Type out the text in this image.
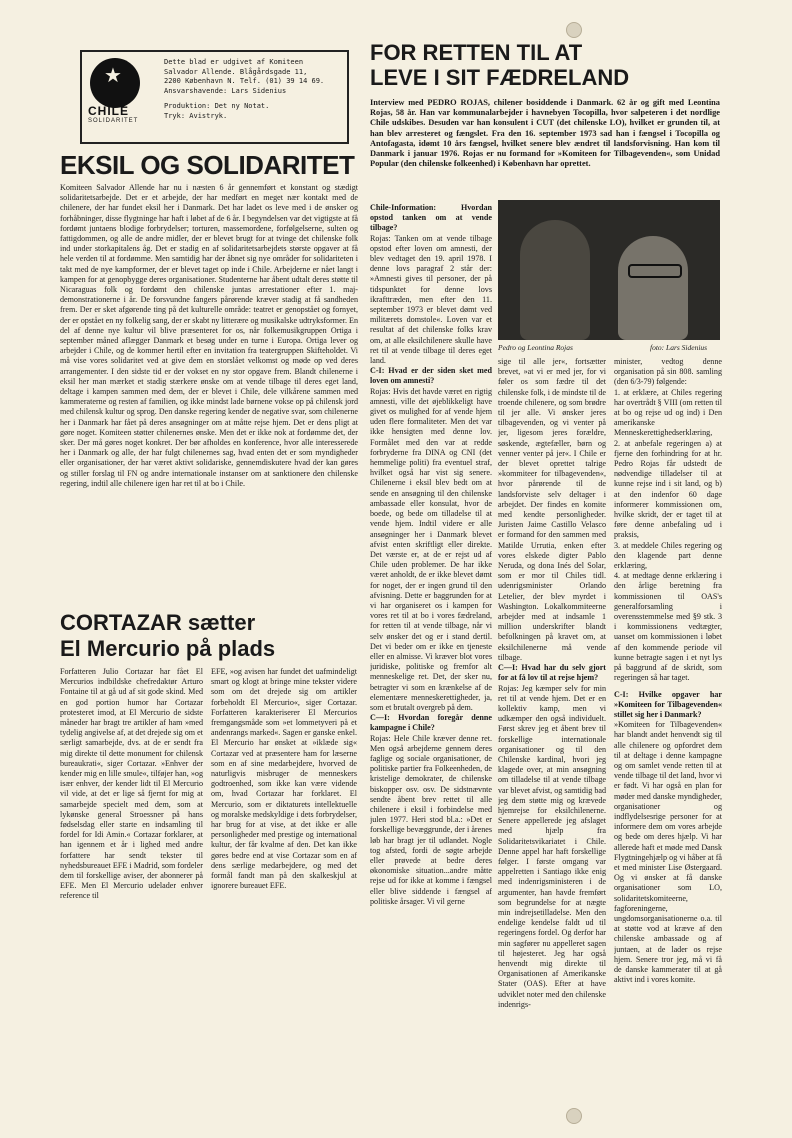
★
CHILE
SOLIDARITET
Dette blad er udgivet af Komiteen
Salvador Allende. Blågårdsgade 11,
2200 København N. Telf. (01) 39 14 69.
Ansvarshavende: Lars Sidenius
Produktion: Det ny Notat.
Tryk: Avistryk.
EKSIL OG SOLIDARITET
Komiteen Salvador Allende har nu i næsten 6 år gennemført et konstant og stædigt solidaritetsarbejde. Det er et arbejde, der har medført en meget nær kontakt med de chilenere, der har fundet eksil her i Danmark. Det har ladet os leve med i de ønsker og forhåbninger, disse flygtninge har haft i løbet af de 6 år. I begyndelsen var det vigtigste at få fordømt juntaens blodige forbrydelser; torturen, massemordene, forfølgelserne, sulten og fattigdommen, og alle de andre midler, der er blevet brugt for at tvinge det chilenske folk ind under storkapitalens åg. Det er stadig en af solidaritetsarbejdets største opgaver at få hele verden til at fordømme. Men samtidig har der åbnet sig nye områder for solidariteten i takt med de nye kampformer, der er blevet taget op inde i Chile. Arbejderne er nået langt i kampen for at genopbygge deres organisationer. Studenterne har åbent udtalt deres støtte til Nicaraguas folk og fordømt den chilenske juntas arrestationer efter 1. maj-demonstrationerne i år. De forsvundne fangers pårørende kræver stadig at få sandheden frem. Der er sket afgørende ting på det kulturelle område: teatret er genopstået og fornyet, der er opstået en ny folkelig sang, der er skabt ny litterære og musikalske udtryksformer. En del af denne nye kultur vil blive præsenteret for os, når folkemusikgruppen Ortiga i september måned aflægger Danmark et besøg under en turne i Europa. Ortiga lever og arbejder i Chile, og de kommer hertil efter en invitation fra teatergruppen Skifteholdet. Vi må vise vores solidaritet ved at give dem en storslået velkomst og møde op ved deres arrangementer. I den sidste tid er der vokset en ny stor opgave frem. Blandt chilenerne i eksil her man mærket et stadig stærkere ønske om at vende tilbage til deres eget land, deltage i kampen sammen med dem, der er blevet i Chile, dele vilkårene sammen med kammeraterne og resten af familien, og ikke mindst lade børnene vokse op på chilensk jord med chilensk kultur og sprog. Den danske regering kender de negative svar, som chilenerne her i Danmark har fået på deres ansøgninger om at måtte rejse hjem. Det er dens pligt at gøre noget. Komiteen støtter chilenernes ønske. Men det er ikke nok at fordømme det, der sker. Der må gøres noget konkret. Der bør afholdes en konference, hvor alle interesserede her i Danmark og alle, der har fulgt chilenernes sag, hvad enten det er som myndigheder eller organisationer, der har været aktivt solidariske, gennemdiskutere hvad der kan gøres og stiller forslag til FN og andre internationale instanser om at sanktionere den chilenske regering, indtil alle chilenere igen har ret til at bo i Chile.
CORTAZAR sætter
El Mercurio på plads
Forfatteren Julio Cortazar har fået El Mercurios indbildske chefredaktør Arturo Fontaine til at gå ud af sit gode skind. Med en god portion humor har Cortazar protesteret imod, at El Mercurio de sidste måneder har bragt tre artikler af ham »med tydelig angivelse af, at det drejede sig om et særligt samarbejde, dvs. at de er sendt fra mig direkte til dette monument for chilensk bureaukrati«, siger Cortazar. »Enhver der kender mig en lille smule«, tilføjer han, »og især enhver, der kender lidt til El Mercurio vil vide, at det er lige så fjernt for mig at samarbejde specielt med dem, som at lykønske general Stroessner på hans fødselsdag eller starte en indsamling til fordel for Idi Amin.« Cortazar forklarer, at han igennem et år i lighed med andre forfattere har sendt tekster til nyhedsbureauet EFE i Madrid, som fordeler dem til forskellige aviser, der abonnerer på EFE. Men El Mercurio udelader enhver reference til
EFE, »og avisen har fundet det uafmindeligt smart og klogt at bringe mine tekster videre som om det drejede sig om artikler forbeholdt El Mercurio«, siger Cortazar. Forfatteren karakteriserer El Mercurios fremgangsmåde som »et lommetyveri på et andenrangs marked«. Sagen er ganske enkel. El Mercurio har ønsket at »iklæde sig« Cortazar ved at præsentere ham for læserne som en af sine medarbejdere, hvorved de naturligvis misbruger de menneskers godtroenhed, som ikke kan være vidende om, hvad Cortazar har forklaret. El Mercurio, som er diktaturets intellektuelle og moralske medskyldige i dets forbrydelser, har brug for at vise, at det ikke er alle personligheder med prestige og international kultur, der får kvalme af den. Det kan ikke gøres bedre end at vise Cortazar som en af dens særlige medarbejdere, og med det formål fandt man på den skalkeskjul at ignorere bureauet EFE.
FOR RETTEN TIL AT
LEVE I SIT FÆDRELAND
Interview med PEDRO ROJAS, chilener bosiddende i Danmark. 62 år og gift med Leontina Rojas, 58 år. Han var kommunalarbejder i havnebyen Tocopilla, hvor salpeteren i det nordlige Chile udskibes. Desuden var han konsulent i CUT (det chilenske LO), hvilket er grunden til, at han blev arresteret og fængslet. Fra den 16. september 1973 sad han i fængsel i Tocopilla og Antofagasta, idømt 10 års fængsel, hvilket senere blev ændret til landsforvisning. Han kom til Danmark i januar 1976. Rojas er nu formand for »Komiteen for Tilbagevenden«, som Unidad Popular (den chilenske folkeenhed) i København har oprettet.
Chile-Information: Hvordan opstod tanken om at vende tilbage?
Rojas: Tanken om at vende tilbage opstod efter loven om amnesti, der blev vedtaget den 19. april 1978. I denne lovs paragraf 2 står der: »Amnesti gives til personer, der på tidspunktet for denne lovs ikrafttræden, men efter den 11. september 1973 er blevet dømt ved militærets domstole«. Loven var et resultat af det chilenske folks krav om, at alle eksilchilenere skulle have ret til at vende tilbage til deres eget land.
C-I: Hvad er der siden sket med loven om amnesti?
Rojas: Hvis det havde været en rigtig amnesti, ville det øjeblikkeligt have givet os mulighed for af vende hjem uden flere formaliteter. Men det var ikke hensigten med denne lov. Formålet med den var at redde forbryderne fra DINA og CNI (det hemmelige politi) fra eventuel straf, hvilket også har vist sig senere. Chilenerne i eksil blev bedt om at sende en ansøgning til den chilenske ambassade eller konsulat, hvor de boede, og bede om tilladelse til at vende hjem. Indtil videre er alle ansøgninger her i Danmark blevet afvist enten skriftligt eller direkte. Det værste er, at de er rejst ud af Chile uden problemer. De har ikke været anholdt, de er ikke blevet dømt for noget, der er ingen grund til den afvisning. Dette er baggrunden for at vi har organiseret os i kampen for vores ret til at bo i vores fædreland, for retten til at vende tilbage, når vi selv ønsker det og er i stand dertil. Det vi beder om er ikke en tjeneste eller en almisse. Vi kræver blot vores juridiske, politiske og fremfor alt menneskelige ret. Det, der sker nu, betragter vi som en krænkelse af de elementære menneskerettigheder, ja, som et brutalt overgreb på dem.
C—I: Hvordan foregår denne kampagne i Chile?
Rojas: Hele Chile kræver denne ret. Men også arbejderne gennem deres faglige og sociale organisationer, de politiske partier fra Folkeenheden, de kristelige demokrater, de chilenske biskopper osv. osv. De sidstnævnte sendte åbent brev rettet til alle chilenere i eksil i forbindelse med julen 1977. Heri stod bl.a.: »Det er forskellige bevæggrunde, der i årenes løb har bragt jer til udlandet. Nogle tog afsted, fordi de søgte arbejde eller prøvede at bedre deres økonomiske situation...andre måtte rejse ud for ikke at komme i fængsel eller blive siddende i fængsel af politiske årsager. Vi vil gerne
Pedro og Leontina Rojas	foto: Lars Sidenius
sige til alle jer«, fortsætter brevet, »at vi er med jer, for vi føler os som fædre til det chilenske folk, i de mindste til de troende chilenere, og som brødre til jer alle. Vi ønsker jeres tilbagevenden, og vi venter på jer, ligesom jeres forældre, søskende, ægtefæller, børn og venner venter på jer«. I Chile er der blevet oprettet talrige »kommiteer for tilbagevenden«, hvor pårørende til de landsforviste selv deltager i arbejdet. Der findes en komite med kendte personligheder. Juristen Jaime Castillo Velasco er formand for den sammen med Matilde Urrutia, enken efter vores elskede digter Pablo Neruda, og dona Inés del Solar, som er mor til Chiles tidl. udenrigsminister Orlando Letelier, der blev myrdet i Washington. Lokalkommiteerne arbejder med at indsamle 1 million underskrifter blandt befolkningen på kravet om, at eksilchilenerne må vende tilbage.
C—I: Hvad har du selv gjort for at få lov til at rejse hjem?
Rojas: Jeg kæmper selv for min ret til at vende hjem. Det er en kollektiv kamp, men vi udkæmper den også individuelt. Først skrev jeg et åbent brev til forskellige internationale organisationer og til den Chilenske kardinal, hvori jeg klagede over, at min ansøgning om tilladelse til at vende tilbage var blevet afvist, og samtidig bad jeg dem støtte mig og krævede hjemrejse for eksilchilenerne. Senere appellerede jeg afslaget med hjælp fra Solidaritetsvikariatet i Chile. Denne appel har haft forskellige følger. I første omgang var appelretten i Santiago ikke enig med indenrigsministeren i de argumenter, han havde fremført som begrundelse for at nægte min indrejsetilladelse. Men den endelige kendelse faldt ud til regeringens fordel. Og derfor har min sagfører nu appelleret sagen til højesteret. Jeg har også henvendt mig direkte til Organisationen af Amerikanske Stater (OAS). Efter at have udviklet noter med den chilenske indenrigs-
minister, vedtog denne organisation på sin 808. samling (den 6/3-79) følgende:
1. at erklære, at Chiles regering har overtrådt § VIII (om retten til at bo og rejse ud og ind) i Den amerikanske Menneskerettighedserklæring,
2. at anbefale regeringen a) at fjerne den forhindring for at hr. Pedro Rojas får udstedt de nødvendige tilladelser til at kunne rejse ind i sit land, og b) at den indenfor 60 dage informerer kommissionen om, hvilke skridt, der er taget til at føre denne anbefaling ud i praksis,
3. at meddele Chiles regering og den klagende part denne erklæring,
4. at medtage denne erklæring i den årlige beretning fra kommissionen til OAS's generalforsamling i overensstemmelse med §9 stk. 3 i kommissionens vedtægter, uanset om kommissionen i løbet af den kommende periode vil kunne betragte sagen i et nyt lys på baggrund af de skridt, som regeringen så har taget.
C-I: Hvilke opgaver har »Komiteen for Tilbagevenden« stillet sig her i Danmark?
»Komiteen for Tilbagevenden« har blandt andet henvendt sig til alle chilenere og opfordret dem til at deltage i denne kampagne og om samlet vende retten til at vende tilbage til det land, hvor vi er født. Vi har også en plan for møder med danske myndigheder, organisationer og indflydelsesrige personer for at informere dem om vores arbejde og bede om deres hjælp. Vi har allerede haft et møde med Dansk Flygtningehjælp og vi håber at få et med minister Lise Østergaard. Og vi ønsker at få danske organisationer som LO, solidaritetskomiteerne, fagforeningerne, ungdomsorganisationerne o.a. til at støtte vod at kræve af den chilenske ambassade og af juntaen, at de lader os rejse hjem. Senere tror jeg, må vi få de danske kammerater til at gå aktivt ind i vores komite.
